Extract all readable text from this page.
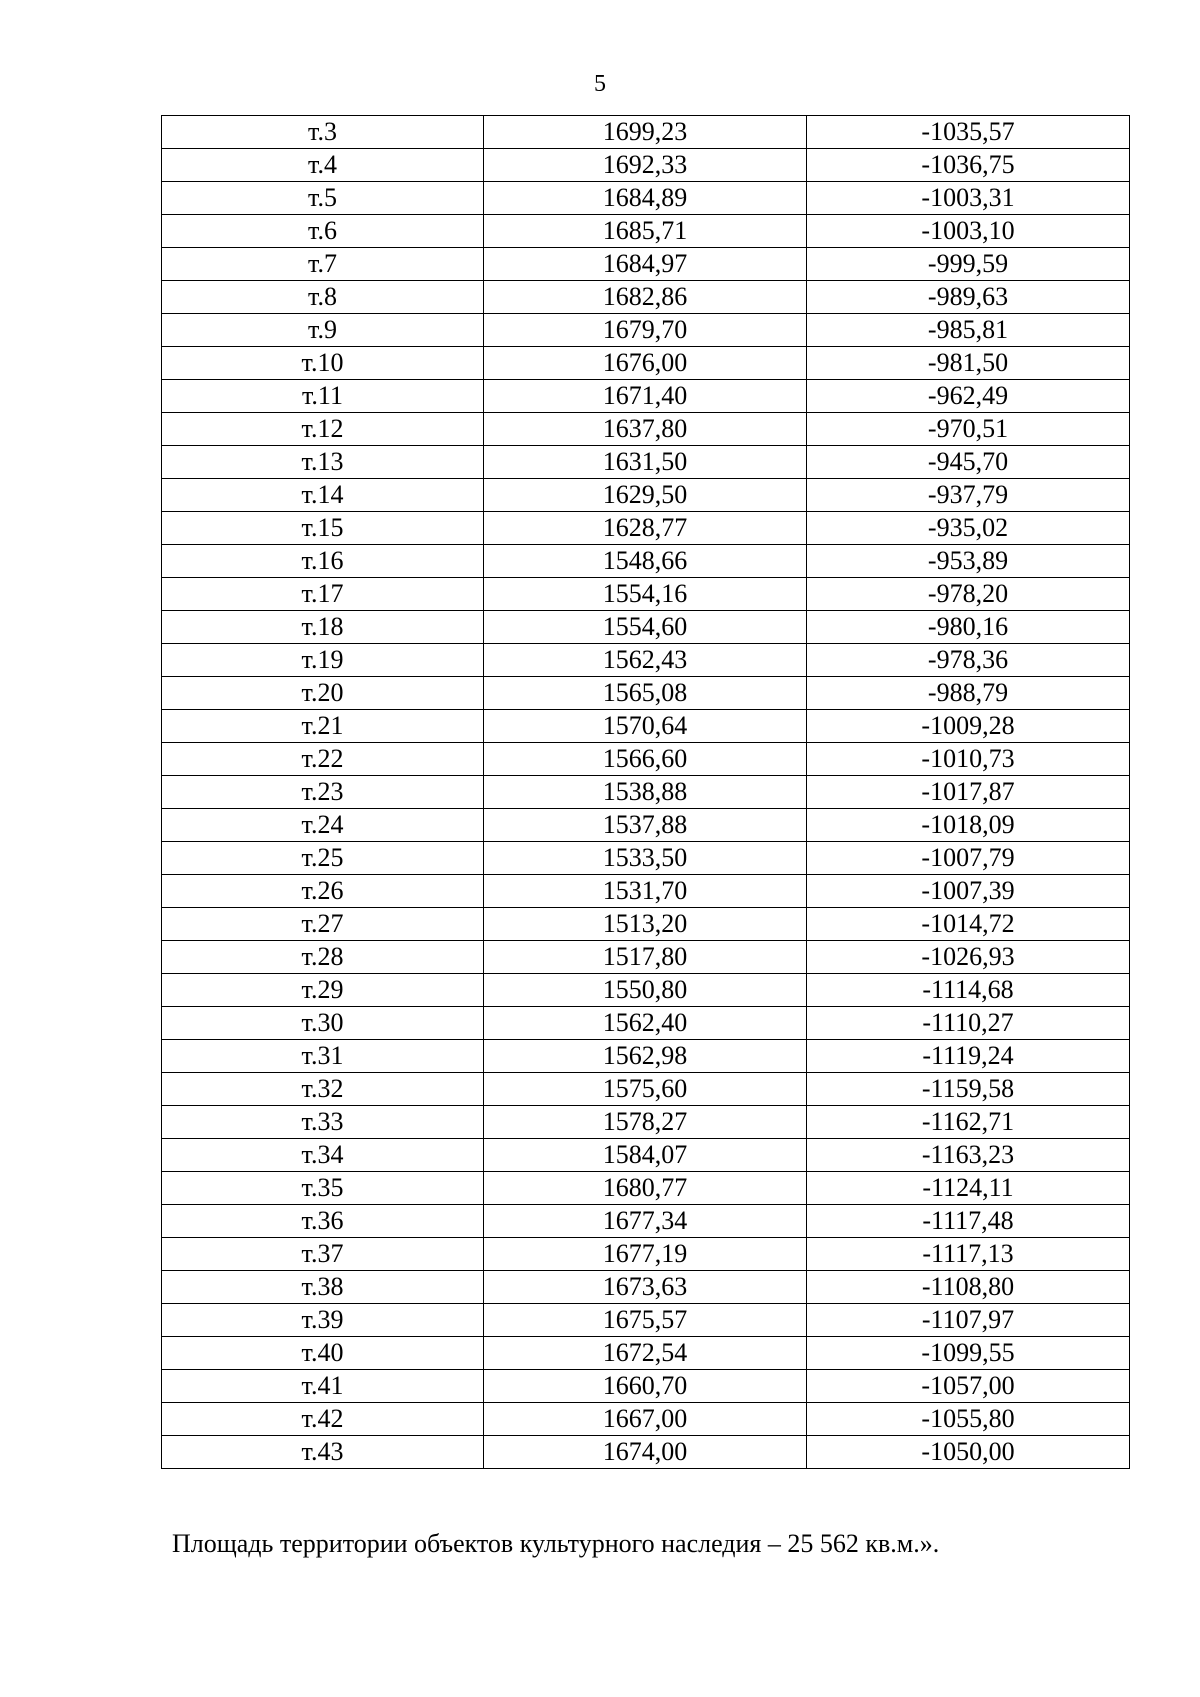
5
т.3	1699,23	-1035,57
т.4	1692,33	-1036,75
т.5	1684,89	-1003,31
т.6	1685,71	-1003,10
т.7	1684,97	-999,59
т.8	1682,86	-989,63
т.9	1679,70	-985,81
т.10	1676,00	-981,50
т.11	1671,40	-962,49
т.12	1637,80	-970,51
т.13	1631,50	-945,70
т.14	1629,50	-937,79
т.15	1628,77	-935,02
т.16	1548,66	-953,89
т.17	1554,16	-978,20
т.18	1554,60	-980,16
т.19	1562,43	-978,36
т.20	1565,08	-988,79
т.21	1570,64	-1009,28
т.22	1566,60	-1010,73
т.23	1538,88	-1017,87
т.24	1537,88	-1018,09
т.25	1533,50	-1007,79
т.26	1531,70	-1007,39
т.27	1513,20	-1014,72
т.28	1517,80	-1026,93
т.29	1550,80	-1114,68
т.30	1562,40	-1110,27
т.31	1562,98	-1119,24
т.32	1575,60	-1159,58
т.33	1578,27	-1162,71
т.34	1584,07	-1163,23
т.35	1680,77	-1124,11
т.36	1677,34	-1117,48
т.37	1677,19	-1117,13
т.38	1673,63	-1108,80
т.39	1675,57	-1107,97
т.40	1672,54	-1099,55
т.41	1660,70	-1057,00
т.42	1667,00	-1055,80
т.43	1674,00	-1050,00
Площадь территории объектов культурного наследия – 25 562 кв.м.».
